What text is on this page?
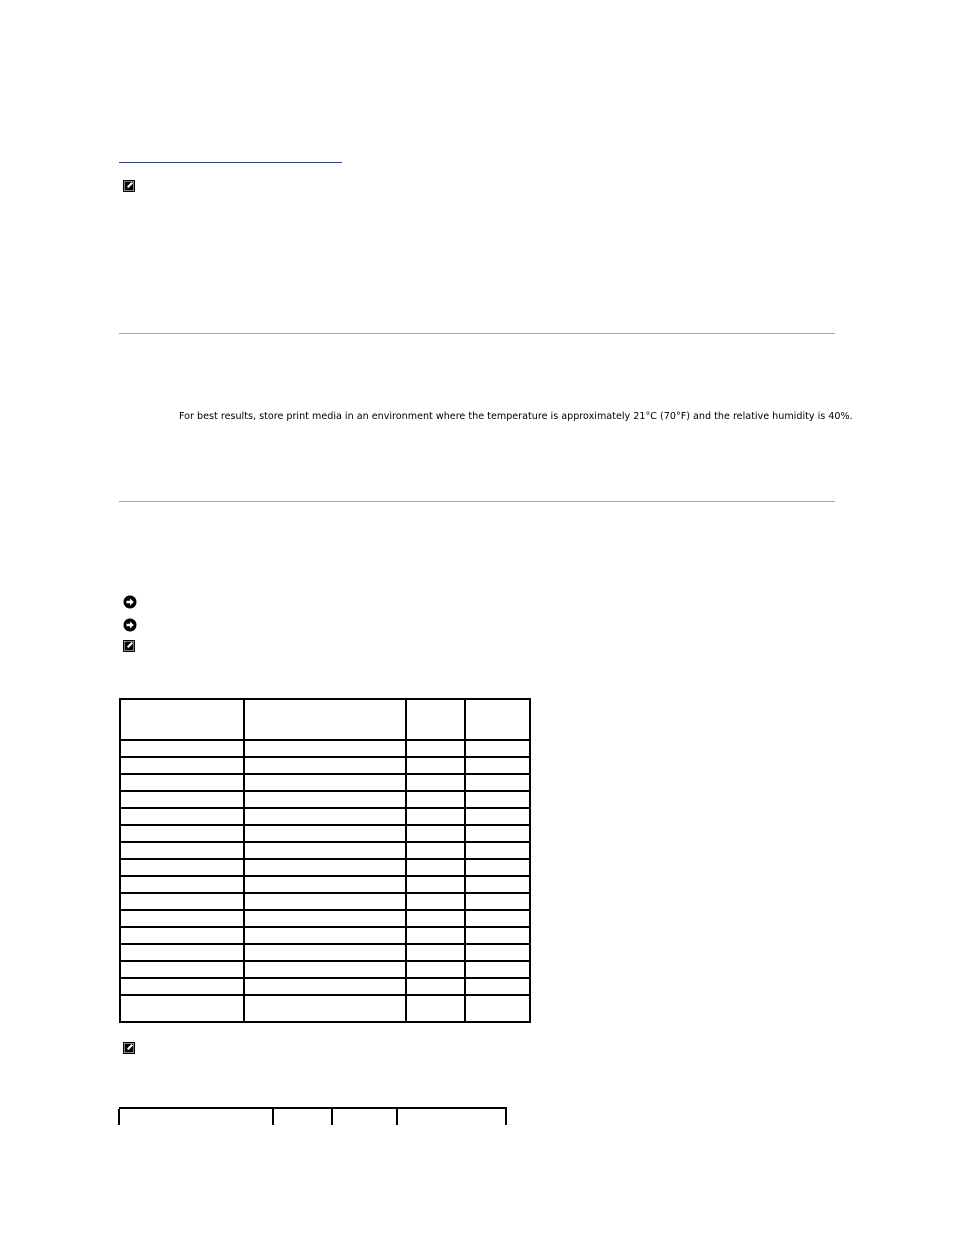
For best results, store print media in an environment where the temperature is approximately 21°C (70°F) and the relative humidity is 40%.
